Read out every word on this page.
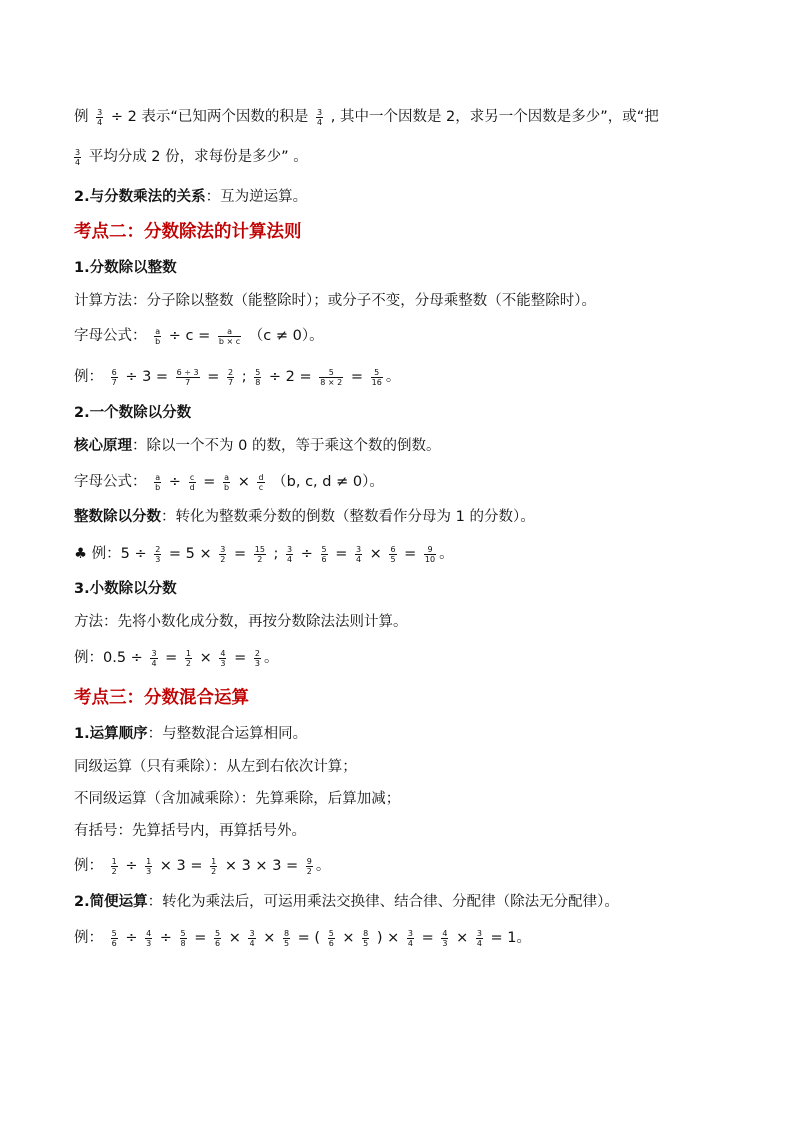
例 $\frac{3}{4} \div 2$ 表示“已知两个因数的积是 $\frac{3}{4}$ , 其中一个因数是 2，求另一个因数是多少”，或“把
$\frac{3}{4}$ 平均分成 2 份，求每份是多少” 。
2.与分数乘法的关系：互为逆运算。
考点二：分数除法的计算法则
1.分数除以整数
计算方法：分子除以整数（能整除时）；或分子不变，分母乘整数（不能整除时）。
字母公式： $\frac{a}{b} \div c = \frac{a}{b \times c} (c \ne 0)$。
例： $\frac{6}{7} \div 3 = \frac{6 \div 3}{7} = \frac{2}{7}$ ; $\frac{5}{8} \div 2 = \frac{5}{8 \times 2} = \frac{5}{16}$ 。
2.一个数除以分数
核心原理：除以一个不为 0 的数，等于乘这个数的倒数。
字母公式： $\frac{a}{b} \div \frac{c}{d} = \frac{a}{b} \times \frac{d}{c} (b$, c, d ≠ 0）。
整数除以分数：转化为整数乘分数的倒数（整数看作分母为 1 的分数）。
♣ 例：$5 \div \frac{2}{3} = 5 \times \frac{3}{2} = \frac{15}{2}$ ; $\frac{3}{4} \div \frac{5}{6} = \frac{3}{4} \times \frac{6}{5} = \frac{9}{10}$ 。
3.小数除以分数
方法：先将小数化成分数，再按分数除法法则计算。
例：$0.5 \div \frac{3}{4} = \frac{1}{2} \times \frac{4}{3} = \frac{2}{3}$ 。
考点三：分数混合运算
1.运算顺序：与整数混合运算相同。
同级运算（只有乘除）：从左到右依次计算；
不同级运算（含加减乘除）：先算乘除，后算加减；
有括号：先算括号内，再算括号外。
例： $\frac{1}{2} \div \frac{1}{3} \times 3 = \frac{1}{2} \times 3 \times 3 = \frac{9}{2}$ 。
2.简便运算：转化为乘法后，可运用乘法交换律、结合律、分配律（除法无分配律）。
例： $\frac{5}{6} \div \frac{4}{3} \div \frac{5}{8} = \frac{5}{6} \times \frac{3}{4} \times \frac{8}{5}$ = ( $\frac{5}{6} \times \frac{8}{5}$ ) × $\frac{3}{4} = \frac{4}{3} \times \frac{3}{4} = 1$。
